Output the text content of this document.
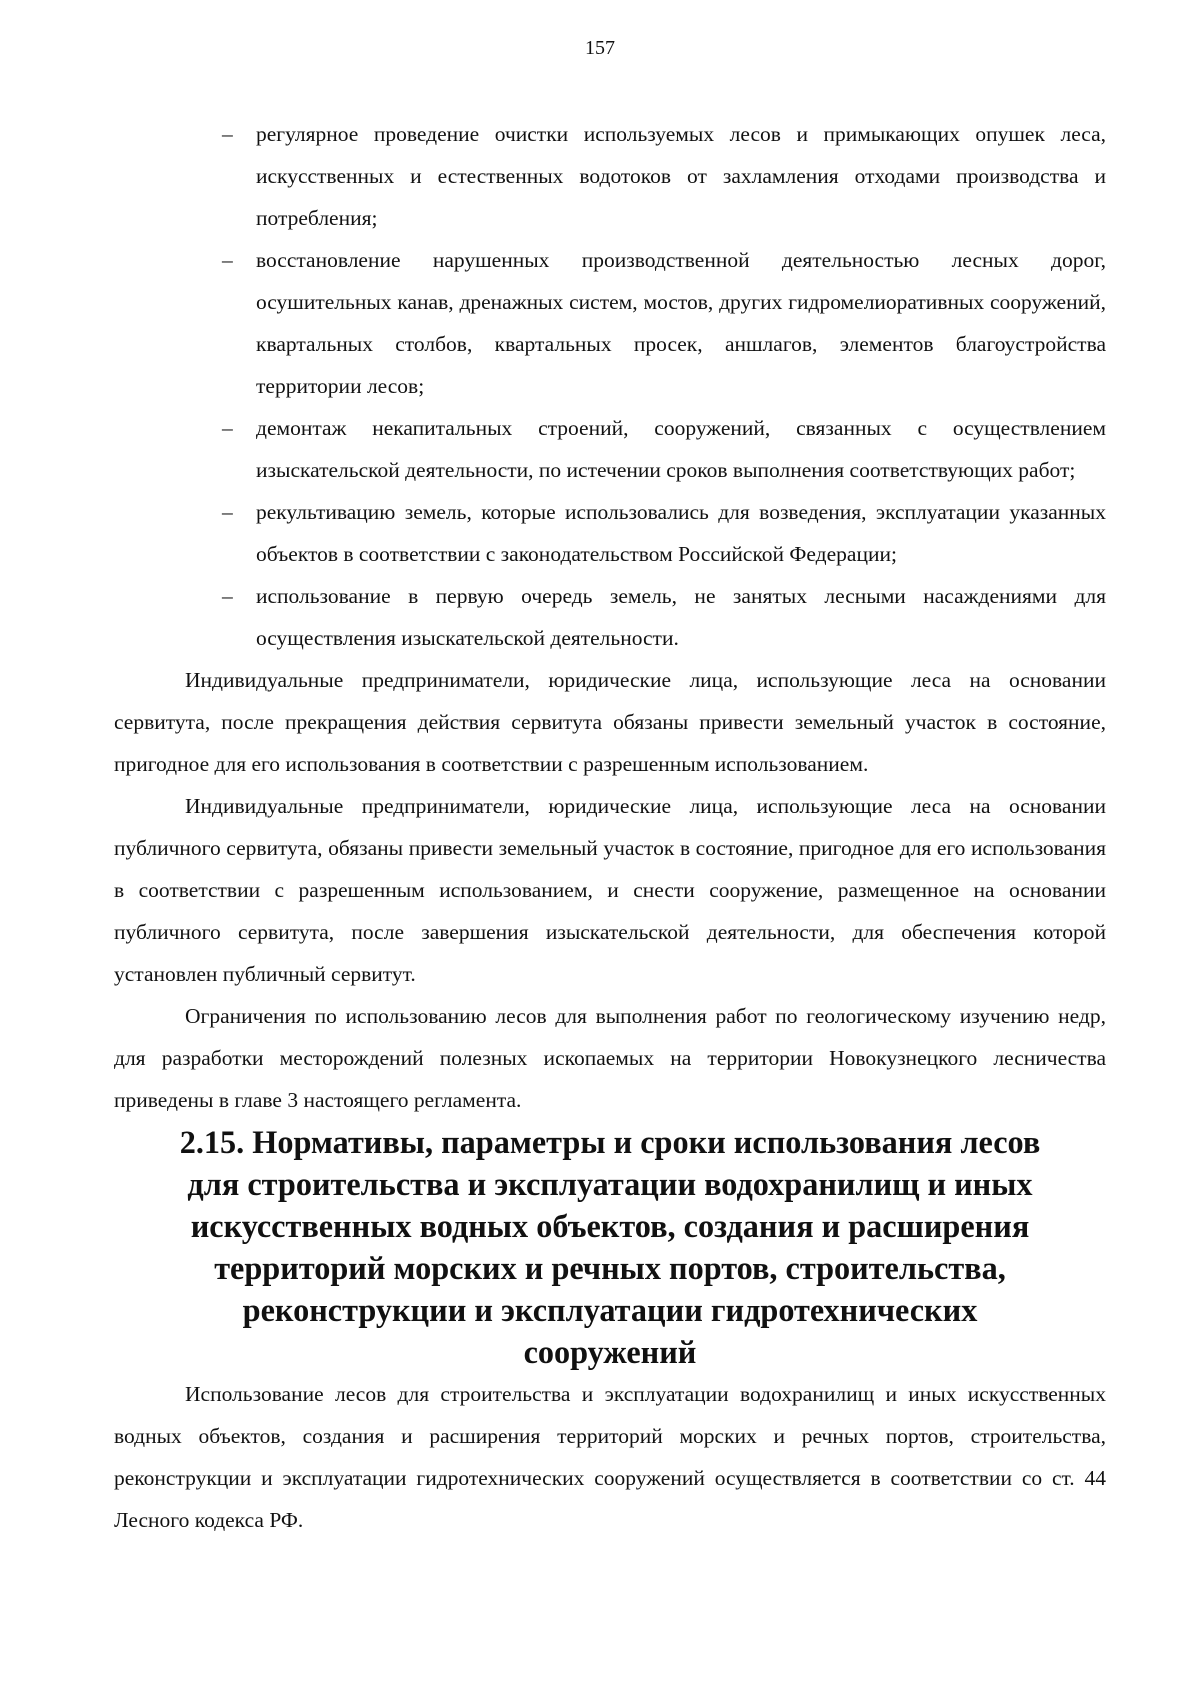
157
– регулярное проведение очистки используемых лесов и примыкающих опушек леса, искусственных и естественных водотоков от захламления отходами производства и потребления;
– восстановление нарушенных производственной деятельностью лесных дорог, осушительных канав, дренажных систем, мостов, других гидромелиоративных сооружений, квартальных столбов, квартальных просек, аншлагов, элементов благоустройства территории лесов;
– демонтаж некапитальных строений, сооружений, связанных с осуществлением изыскательской деятельности, по истечении сроков выполнения соответствующих работ;
– рекультивацию земель, которые использовались для возведения, эксплуатации указанных объектов в соответствии с законодательством Российской Федерации;
– использование в первую очередь земель, не занятых лесными насаждениями для осуществления изыскательской деятельности.

Индивидуальные предприниматели, юридические лица, использующие леса на основании сервитута, после прекращения действия сервитута обязаны привести земельный участок в состояние, пригодное для его использования в соответствии с разрешенным использованием.

Индивидуальные предприниматели, юридические лица, использующие леса на основании публичного сервитута, обязаны привести земельный участок в состояние, пригодное для его использования в соответствии с разрешенным использованием, и снести сооружение, размещенное на основании публичного сервитута, после завершения изыскательской деятельности, для обеспечения которой установлен публичный сервитут.

Ограничения по использованию лесов для выполнения работ по геологическому изучению недр, для разработки месторождений полезных ископаемых на территории Новокузнецкого лесничества приведены в главе 3 настоящего регламента.

2.15. Нормативы, параметры и сроки использования лесов для строительства и эксплуатации водохранилищ и иных искусственных водных объектов, создания и расширения территорий морских и речных портов, строительства, реконструкции и эксплуатации гидротехнических сооружений

Использование лесов для строительства и эксплуатации водохранилищ и иных искусственных водных объектов, создания и расширения территорий морских и речных портов, строительства, реконструкции и эксплуатации гидротехнических сооружений осуществляется в соответствии со ст. 44 Лесного кодекса РФ.
